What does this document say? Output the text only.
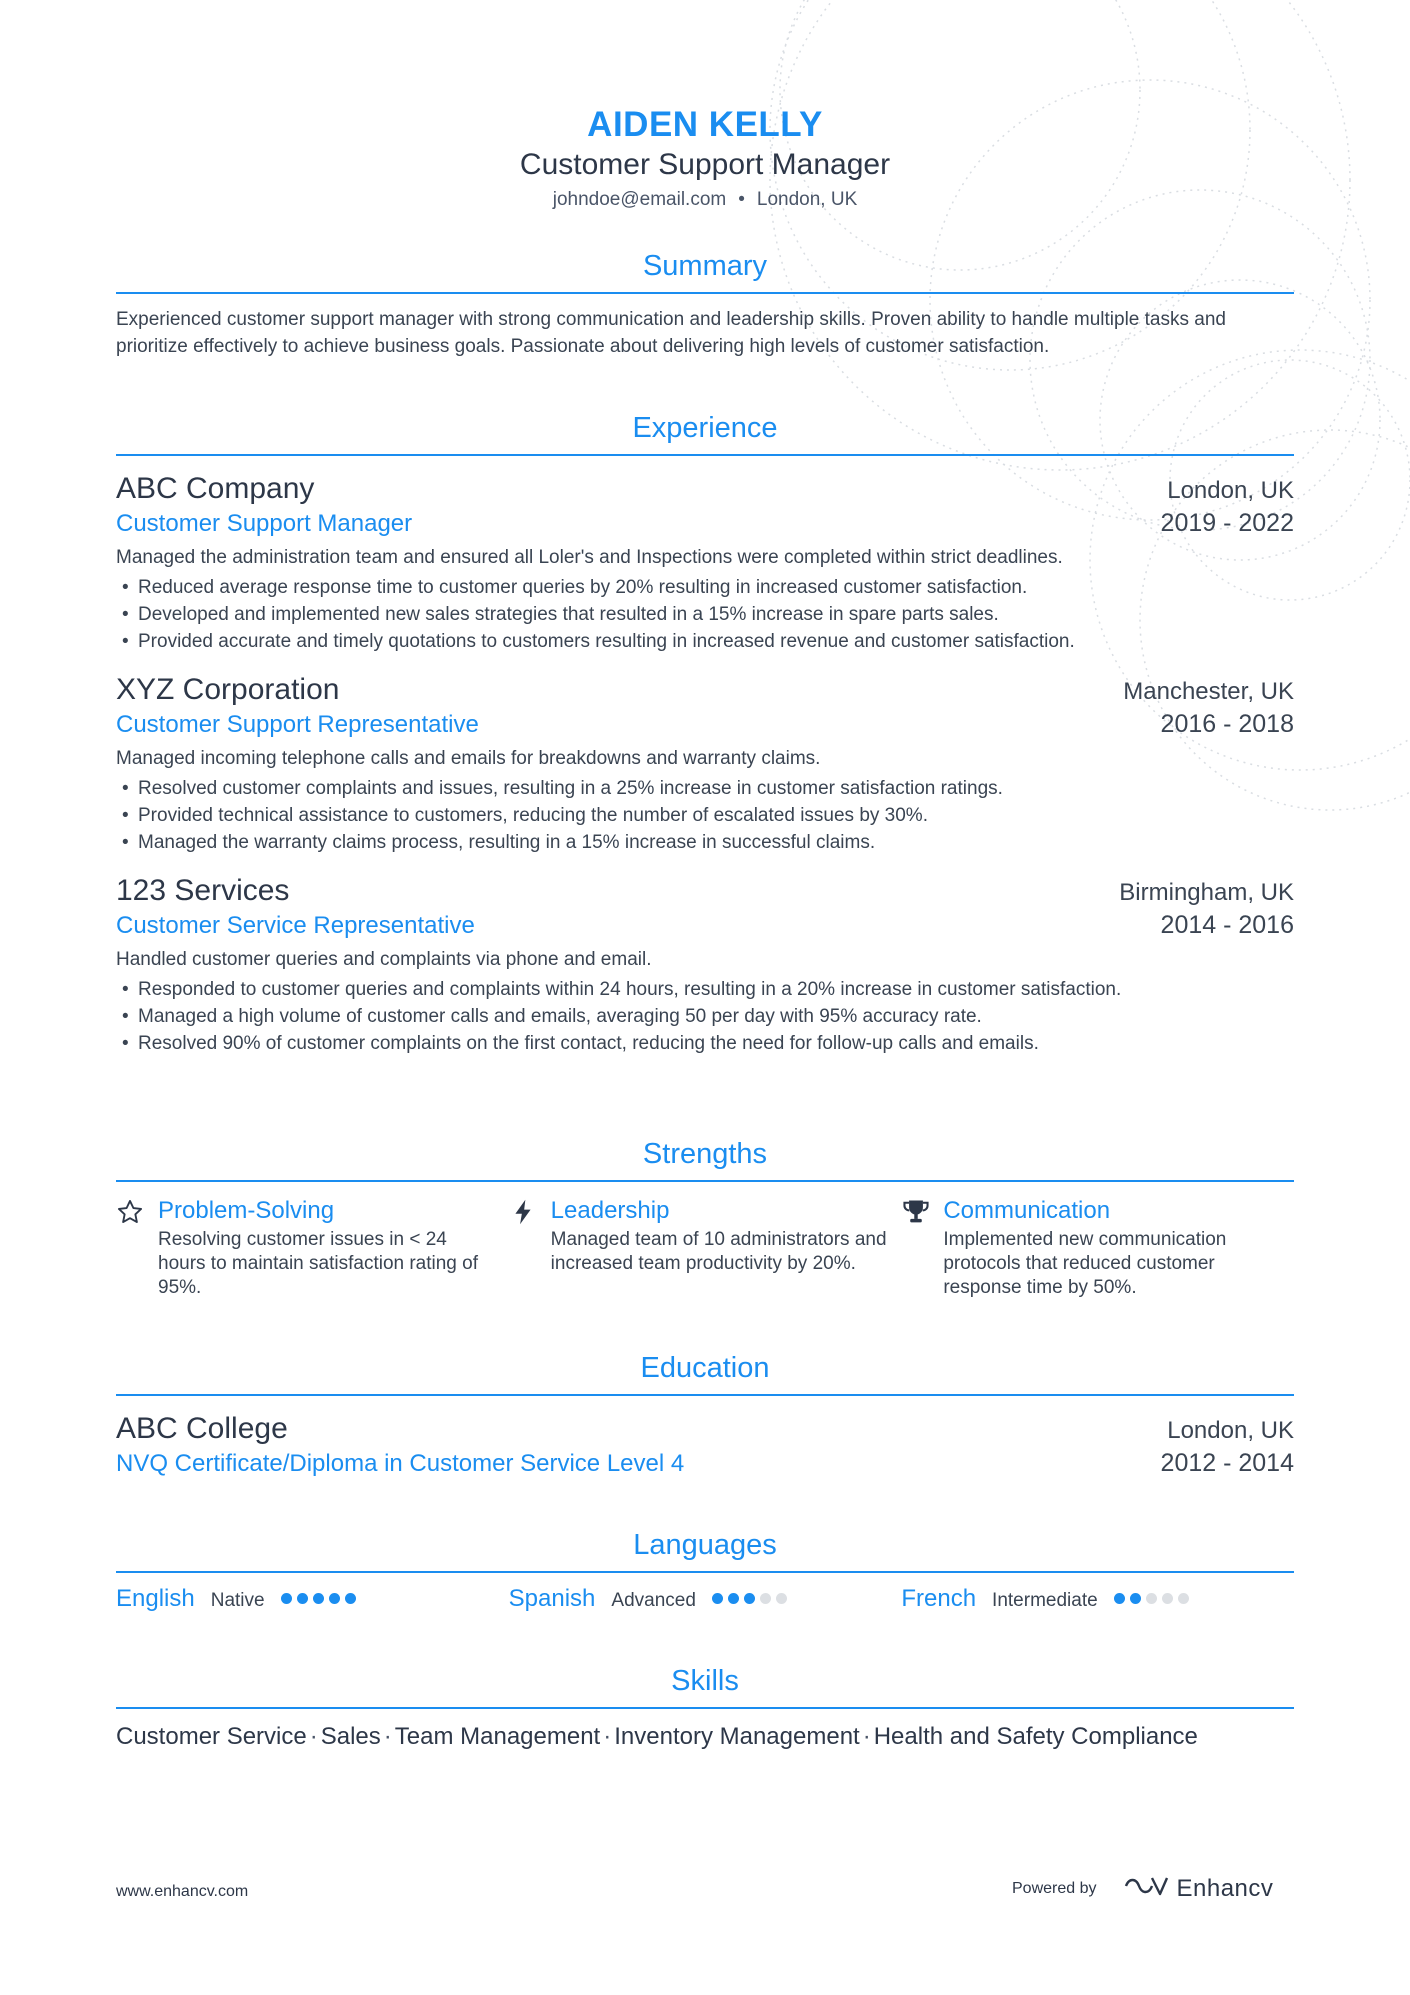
AIDEN KELLY
Customer Support Manager
johndoe@email.com • London, UK
Summary
Experienced customer support manager with strong communication and leadership skills. Proven ability to handle multiple tasks and prioritize effectively to achieve business goals. Passionate about delivering high levels of customer satisfaction.
Experience
ABC Company	London, UK
Customer Support Manager	2019 - 2022
Managed the administration team and ensured all Loler's and Inspections were completed within strict deadlines.
• Reduced average response time to customer queries by 20% resulting in increased customer satisfaction.
• Developed and implemented new sales strategies that resulted in a 15% increase in spare parts sales.
• Provided accurate and timely quotations to customers resulting in increased revenue and customer satisfaction.
XYZ Corporation	Manchester, UK
Customer Support Representative	2016 - 2018
Managed incoming telephone calls and emails for breakdowns and warranty claims.
• Resolved customer complaints and issues, resulting in a 25% increase in customer satisfaction ratings.
• Provided technical assistance to customers, reducing the number of escalated issues by 30%.
• Managed the warranty claims process, resulting in a 15% increase in successful claims.
123 Services	Birmingham, UK
Customer Service Representative	2014 - 2016
Handled customer queries and complaints via phone and email.
• Responded to customer queries and complaints within 24 hours, resulting in a 20% increase in customer satisfaction.
• Managed a high volume of customer calls and emails, averaging 50 per day with 95% accuracy rate.
• Resolved 90% of customer complaints on the first contact, reducing the need for follow-up calls and emails.
Strengths
Problem-Solving
Resolving customer issues in < 24 hours to maintain satisfaction rating of 95%.
Leadership
Managed team of 10 administrators and increased team productivity by 20%.
Communication
Implemented new communication protocols that reduced customer response time by 50%.
Education
ABC College	London, UK
NVQ Certificate/Diploma in Customer Service Level 4	2012 - 2014
Languages
English Native	Spanish Advanced	French Intermediate
Skills
Customer Service · Sales · Team Management · Inventory Management · Health and Safety Compliance
www.enhancv.com	Powered by	Enhancv
